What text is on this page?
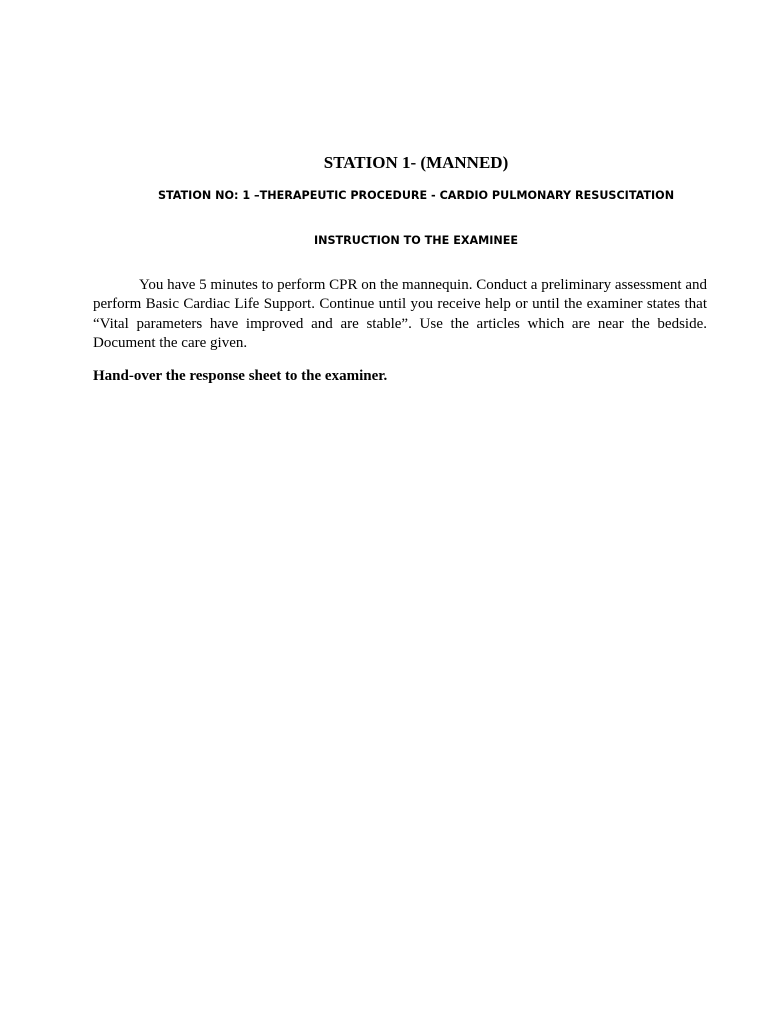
STATION 1- (MANNED)
STATION NO: 1 –THERAPEUTIC PROCEDURE - CARDIO PULMONARY RESUSCITATION
INSTRUCTION TO THE EXAMINEE

You have 5 minutes to perform CPR on the mannequin. Conduct a preliminary assessment and perform Basic Cardiac Life Support. Continue until you receive help or until the examiner states that “Vital parameters have improved and are stable”. Use the articles which are near the bedside. Document the care given.

Hand-over the response sheet to the examiner.
